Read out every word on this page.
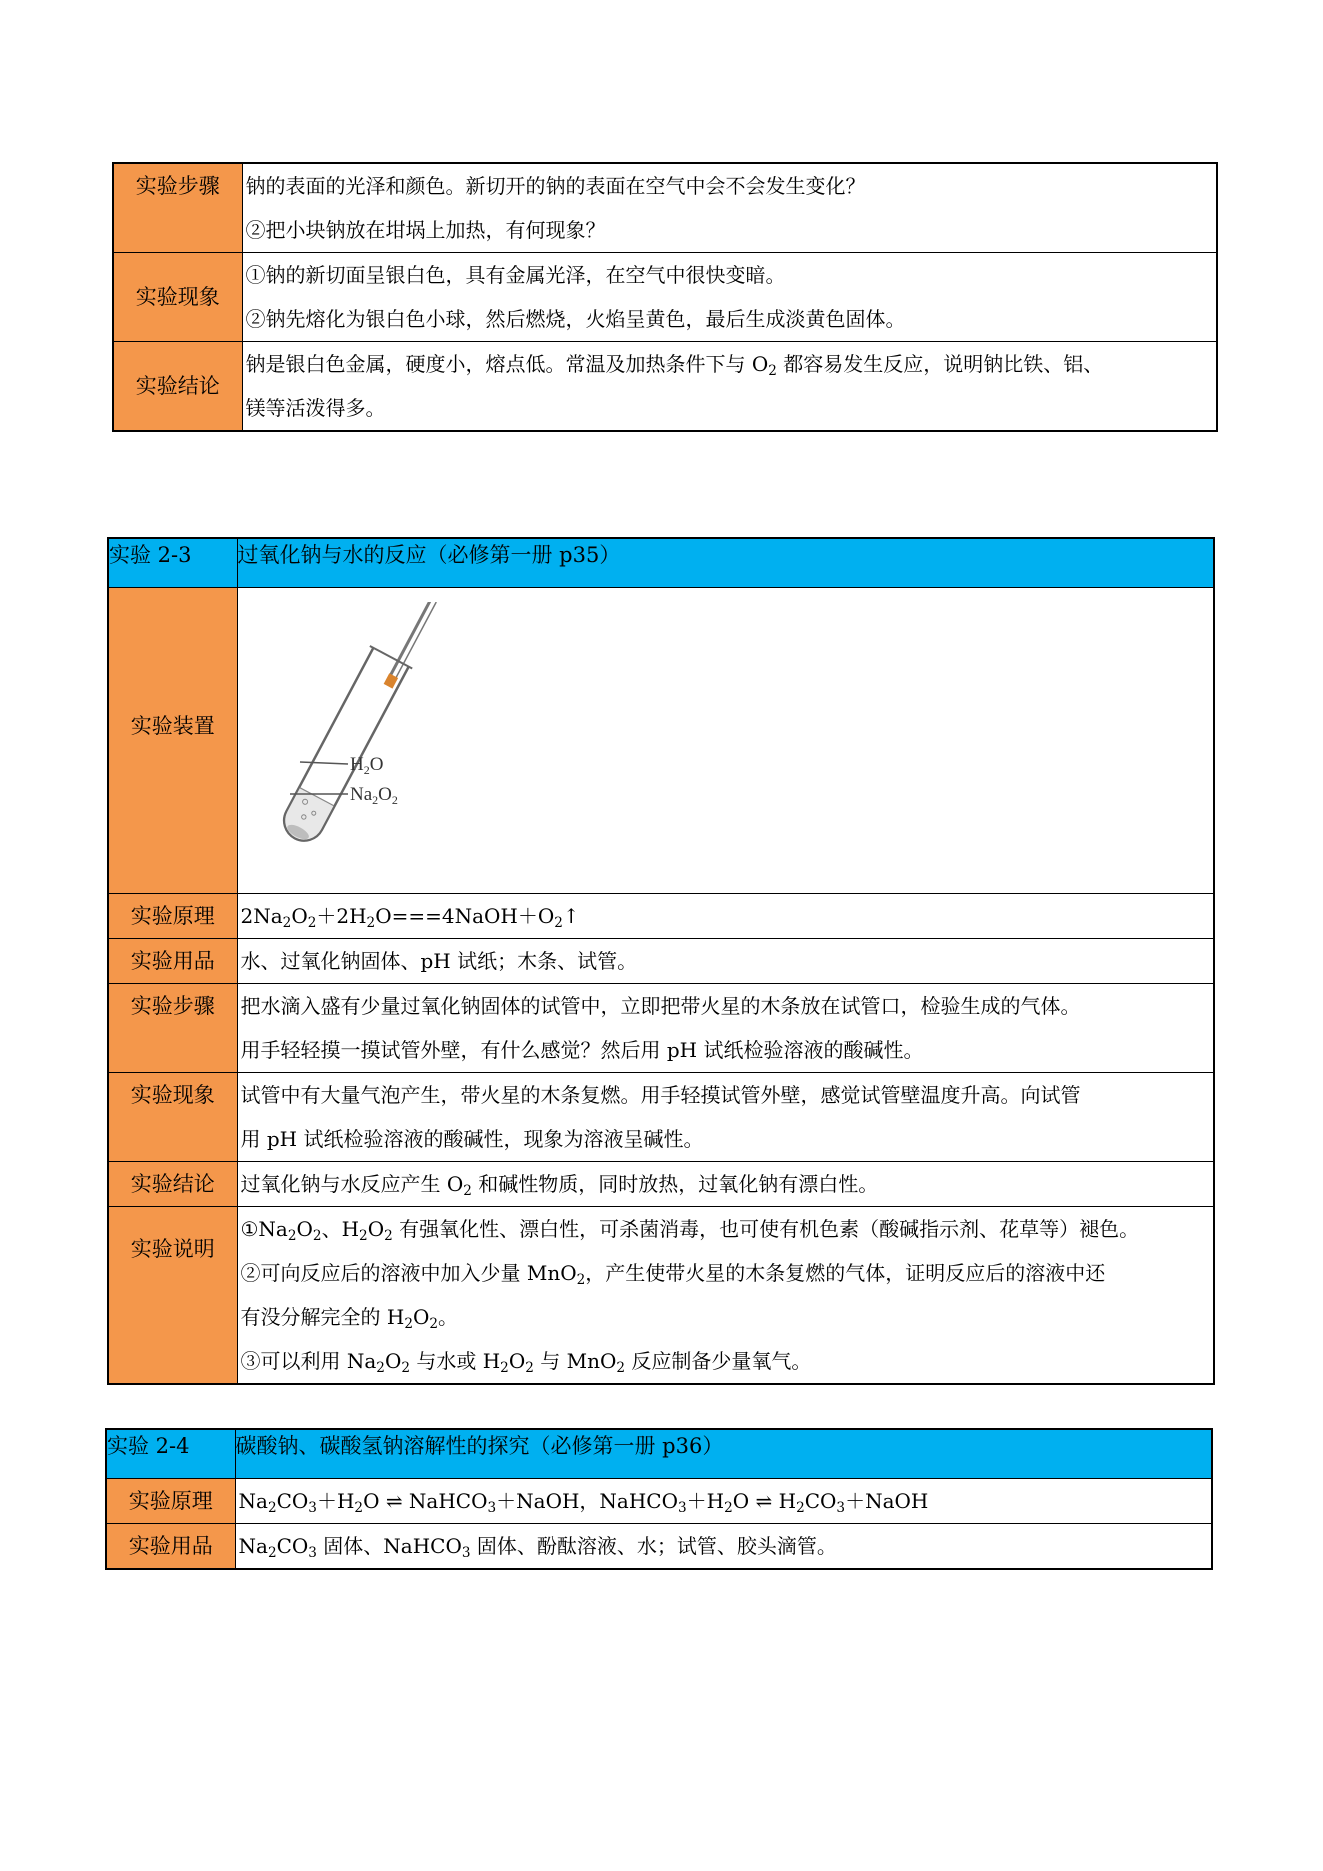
实验步骤	钠的表面的光泽和颜色。新切开的钠的表面在空气中会不会发生变化？
②把小块钠放在坩埚上加热，有何现象？

实验现象	①钠的新切面呈银白色，具有金属光泽，在空气中很快变暗。
②钠先熔化为银白色小球，然后燃烧，火焰呈黄色，最后生成淡黄色固体。

实验结论	钠是银白色金属，硬度小，熔点低。常温及加热条件下与 $O_2$ 都容易发生反应，说明钠比铁、铝、
镁等活泼得多。
实验 2-3	过氧化钠与水的反应（必修第一册 p35）
实验装置	$H_2O$
$Na_2O_2$

实验原理	$2Na_2O_2+2H_2O===4NaOH+O_2↑$

实验用品	水、过氧化钠固体、pH 试纸；木条、试管。

实验步骤	把水滴入盛有少量过氧化钠固体的试管中，立即把带火星的木条放在试管口，检验生成的气体。
用手轻轻摸一摸试管外壁，有什么感觉？然后用 pH 试纸检验溶液的酸碱性。

实验现象	试管中有大量气泡产生，带火星的木条复燃。用手轻摸试管外壁，感觉试管壁温度升高。向试管
用 pH 试纸检验溶液的酸碱性，现象为溶液呈碱性。

实验结论	过氧化钠与水反应产生 $O_2$ 和碱性物质，同时放热，过氧化钠有漂白性。

实验说明	$①Na_2O_2$、$H_2O_2$ 有强氧化性、漂白性，可杀菌消毒，也可使有机色素（酸碱指示剂、花草等）褪色。
②可向反应后的溶液中加入少量 MnO$_2$，产生使带火星的木条复燃的气体，证明反应后的溶液中还
有没分解完全的 $H_2O_2$。
③可以利用 $Na_2O_2$ 与水或 $H_2O_2$ 与 MnO$_2$ 反应制备少量氧气。
实验 2-4	碳酸钠、碳酸氢钠溶解性的探究（必修第一册 p36）
实验原理	$Na_2CO_3+H_2O$ ⇌ NaHCO$_3$＋NaOH，$NaHCO_3+H_2O$ ⇌ $H_2CO_3+NaOH$

实验用品	$Na_2CO_3$ 固体、NaHCO$_3$ 固体、酚酞溶液、水；试管、胶头滴管。
